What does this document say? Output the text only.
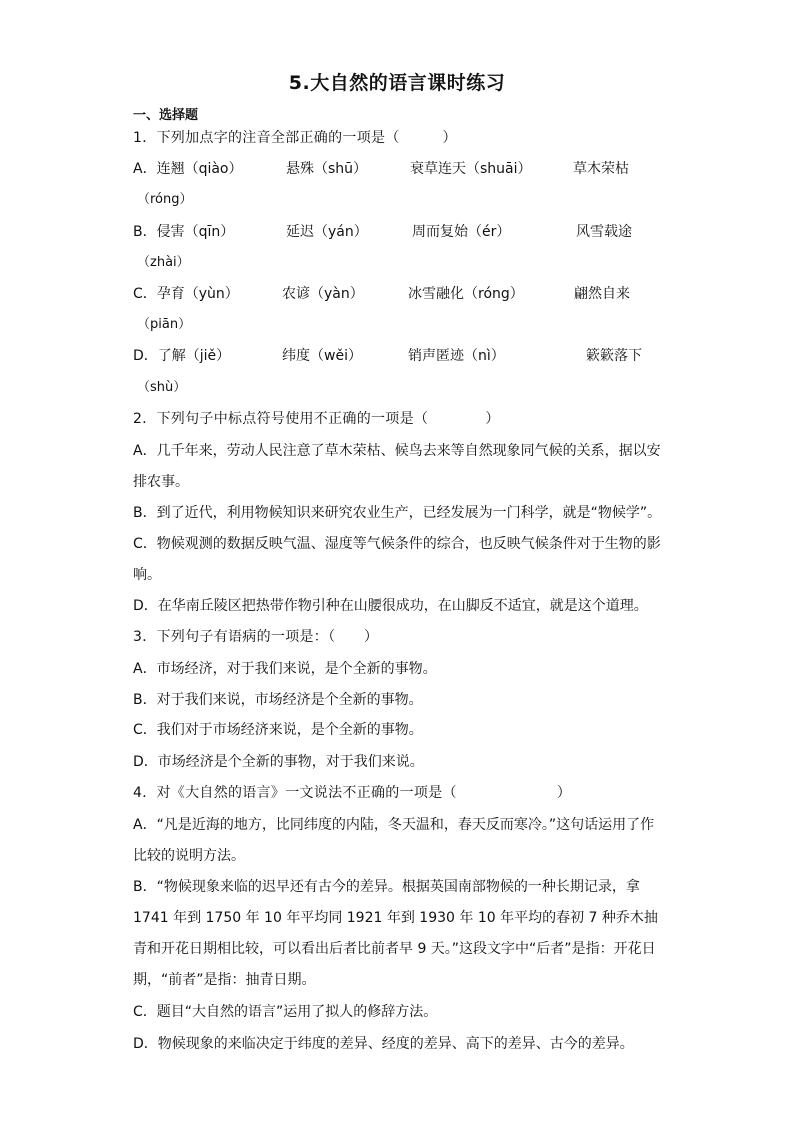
5.大自然的语言课时练习
一、选择题
1．下列加点字的注音全部正确的一项是（　　　）
A．连翘（qiào）	悬殊（shū）	衰草连天（shuāi）	草木荣枯
（róng）
B．侵害（qīn）	延迟（yán）	周而复始（ér）	风雪载途
（zhài）
C．孕育（yùn）	农谚（yàn）	冰雪融化（róng）	翩然自来
（piān）
D．了解（jiě）	纬度（wěi）	销声匿迹（nì）	簌簌落下
（shù）
2．下列句子中标点符号使用不正确的一项是（　　　　）
A．几千年来，劳动人民注意了草木荣枯、候鸟去来等自然现象同气候的关系，据以安排农事。
B．到了近代，利用物候知识来研究农业生产，已经发展为一门科学，就是“物候学”。
C．物候观测的数据反映气温、湿度等气候条件的综合，也反映气候条件对于生物的影响。
D．在华南丘陵区把热带作物引种在山腰很成功，在山脚反不适宜，就是这个道理。
3．下列句子有语病的一项是：（　　）
A．市场经济，对于我们来说，是个全新的事物。
B．对于我们来说，市场经济是个全新的事物。
C．我们对于市场经济来说，是个全新的事物。
D．市场经济是个全新的事物，对于我们来说。
4．对《大自然的语言》一文说法不正确的一项是（　　　　　　　）
A．“凡是近海的地方，比同纬度的内陆，冬天温和，春天反而寒冷。”这句话运用了作比较的说明方法。
B．“物候现象来临的迟早还有古今的差异。根据英国南部物候的一种长期记录，拿 1741 年到 1750 年 10 年平均同 1921 年到 1930 年 10 年平均的春初 7 种乔木抽青和开花日期相比较，可以看出后者比前者早 9 天。”这段文字中“后者”是指：开花日期，“前者”是指：抽青日期。
C．题目“大自然的语言”运用了拟人的修辞方法。
D．物候现象的来临决定于纬度的差异、经度的差异、高下的差异、古今的差异。
